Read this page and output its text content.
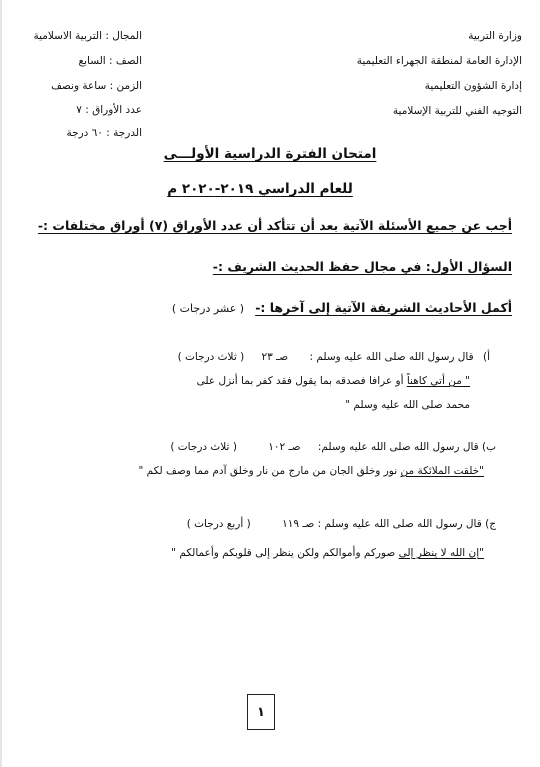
وزارة التربية
الإدارة العامة لمنطقة الجهراء التعليمية
إدارة الشؤون التعليمية
التوجيه الفني للتربية الإسلامية
المجال : التربية الاسلامية
الصف : السابع
الزمن : ساعة ونصف
عدد الأوراق : ٧
الدرجة : ٦٠ درجة
امتحان الفترة الدراسية الأولـــى
للعام الدراسي ٢٠١٩-٢٠٢٠ م
أجب عن جميع الأسئلة الآتية بعد أن تتأكد أن عدد الأوراق (٧) أوراق مختلفات :-
السؤال الأول: في مجال حفظ الحديث الشريف :-
أكمل الأحاديث الشريفة الآتية إلى آخرها :- ( عشر درجات )
أ) قال رسول الله صلى الله عليه وسلم : صـ ٢٣ ( ثلاث درجات )
" من أتى كاهناً أو عرافا فصدقه بما يقول فقد كفر بما أنزل على
محمد صلى الله عليه وسلم "
ب) قال رسول الله صلى الله عليه وسلم: صـ ١٠٢ ( ثلاث درجات )
"خلقت الملائكة من نور وخلق الجان من مارج من نار وخلق آدم مما وصف لكم "
ج) قال رسول الله صلى الله عليه وسلم : صـ ١١٩ ( أربع درجات )
"إن الله لا ينظر إلى صوركم وأموالكم ولكن ينظر إلى قلوبكم وأعمالكم "
١
